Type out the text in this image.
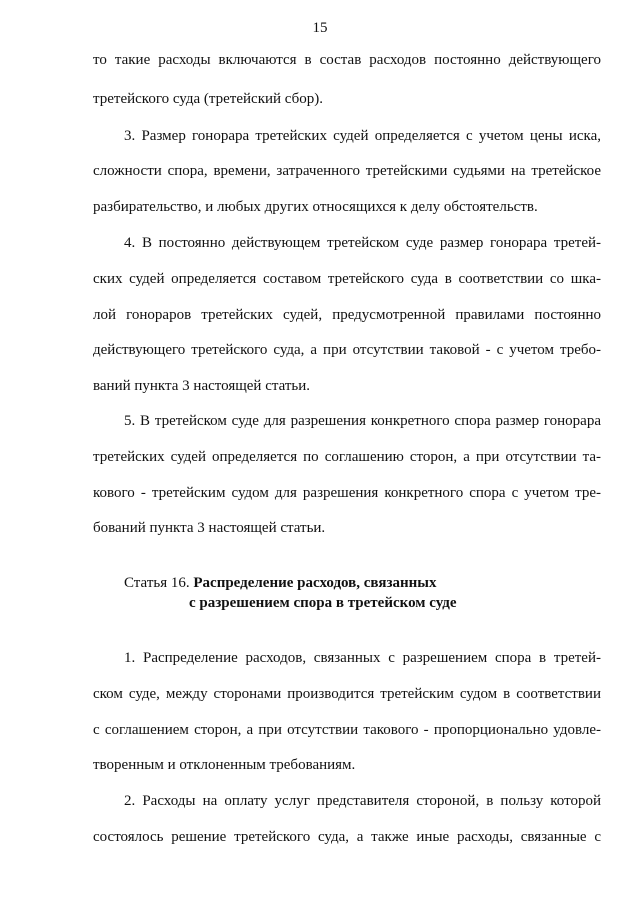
15
то такие расходы включаются в состав расходов постоянно действующего
третейского суда (третейский сбор).
3. Размер гонорара третейских судей определяется с учетом цены иска,
сложности спора, времени, затраченного третейскими судьями на третейское
разбирательство, и любых других относящихся к делу обстоятельств.
4. В постоянно действующем третейском суде размер гонорара третей-
ских судей определяется составом третейского суда в соответствии со шка-
лой гонораров третейских судей, предусмотренной правилами постоянно
действующего третейского суда, а при отсутствии таковой - с учетом требо-
ваний пункта 3 настоящей статьи.
5. В третейском суде для разрешения конкретного спора размер гонорара
третейских судей определяется по соглашению сторон, а при отсутствии та-
кового - третейским судом для разрешения конкретного спора с учетом тре-
бований пункта 3 настоящей статьи.
Статья 16. Распределение расходов, связанных
с разрешением спора в третейском суде
1. Распределение расходов, связанных с разрешением спора в третей-
ском суде, между сторонами производится третейским судом в соответствии
с соглашением сторон, а при отсутствии такового - пропорционально удовле-
творенным и отклоненным требованиям.
2. Расходы на оплату услуг представителя стороной, в пользу которой
состоялось решение третейского суда, а также иные расходы, связанные с
